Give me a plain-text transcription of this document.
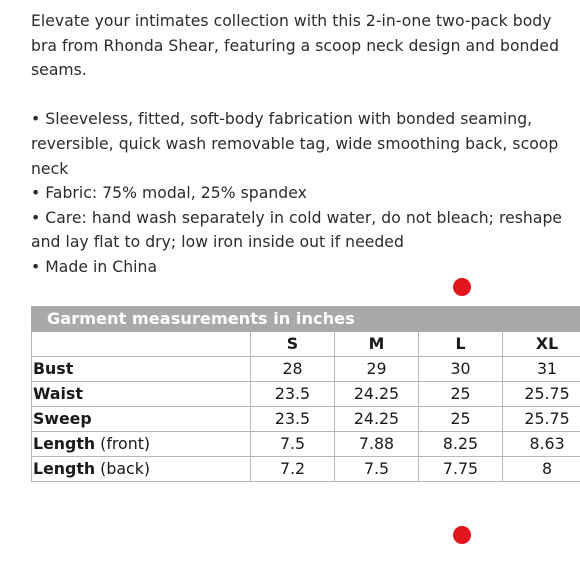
Elevate your intimates collection with this 2-in-one two-pack body bra from Rhonda Shear, featuring a scoop neck design and bonded seams.

• Sleeveless, fitted, soft-body fabrication with bonded seaming, reversible, quick wash removable tag, wide smoothing back, scoop neck

• Fabric: 75% modal, 25% spandex

• Care: hand wash separately in cold water, do not bleach; reshape and lay flat to dry; low iron inside out if needed

• Made in China

Garment measurements in inches				
	S	M	L	XL
Bust	28	29	30	31
Waist	23.5	24.25	25	25.75
Sweep	23.5	24.25	25	25.75
Length (front)	7.5	7.88	8.25	8.63
Length (back)	7.2	7.5	7.75	8
